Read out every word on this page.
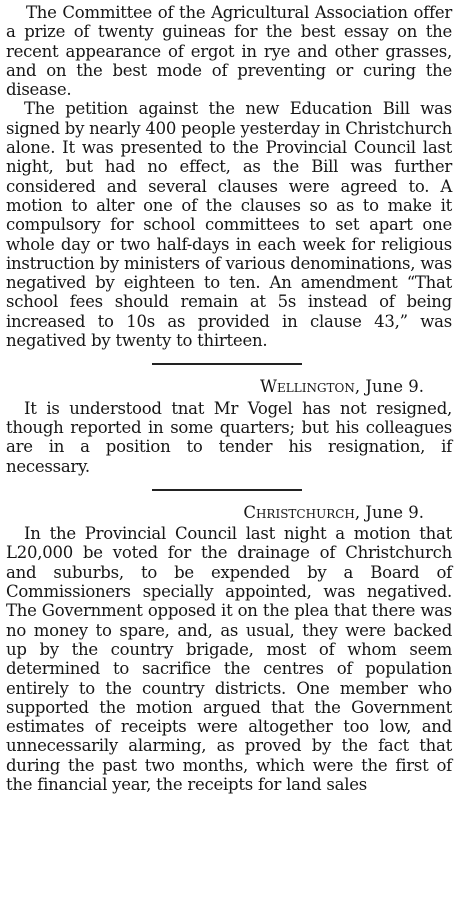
The Committee of the Agricultural Association offer a prize of twenty guineas for the best essay on the recent appearance of ergot in rye and other grasses, and on the best mode of preventing or curing the disease.

The petition against the new Education Bill was signed by nearly 400 people yesterday in Christchurch alone. It was presented to the Provincial Council last night, but had no effect, as the Bill was further considered and several clauses were agreed to. A motion to alter one of the clauses so as to make it compulsory for school committees to set apart one whole day or two half-days in each week for religious instruction by ministers of various denominations, was negatived by eighteen to ten. An amendment “That school fees should remain at 5s instead of being increased to 10s as provided in clause 43,” was negatived by twenty to thirteen.

Wellington, June 9.

It is understood tnat Mr Vogel has not resigned, though reported in some quarters; but his colleagues are in a position to tender his resignation, if necessary.

Christchurch, June 9.

In the Provincial Council last night a motion that L20,000 be voted for the drainage of Christchurch and suburbs, to be expended by a Board of Commissioners specially appointed, was negatived. The Government opposed it on the plea that there was no money to spare, and, as usual, they were backed up by the country brigade, most of whom seem determined to sacrifice the centres of population entirely to the country districts. One member who supported the motion argued that the Government estimates of receipts were altogether too low, and unnecessarily alarming, as proved by the fact that during the past two months, which were the first of the financial year, the receipts for land sales
